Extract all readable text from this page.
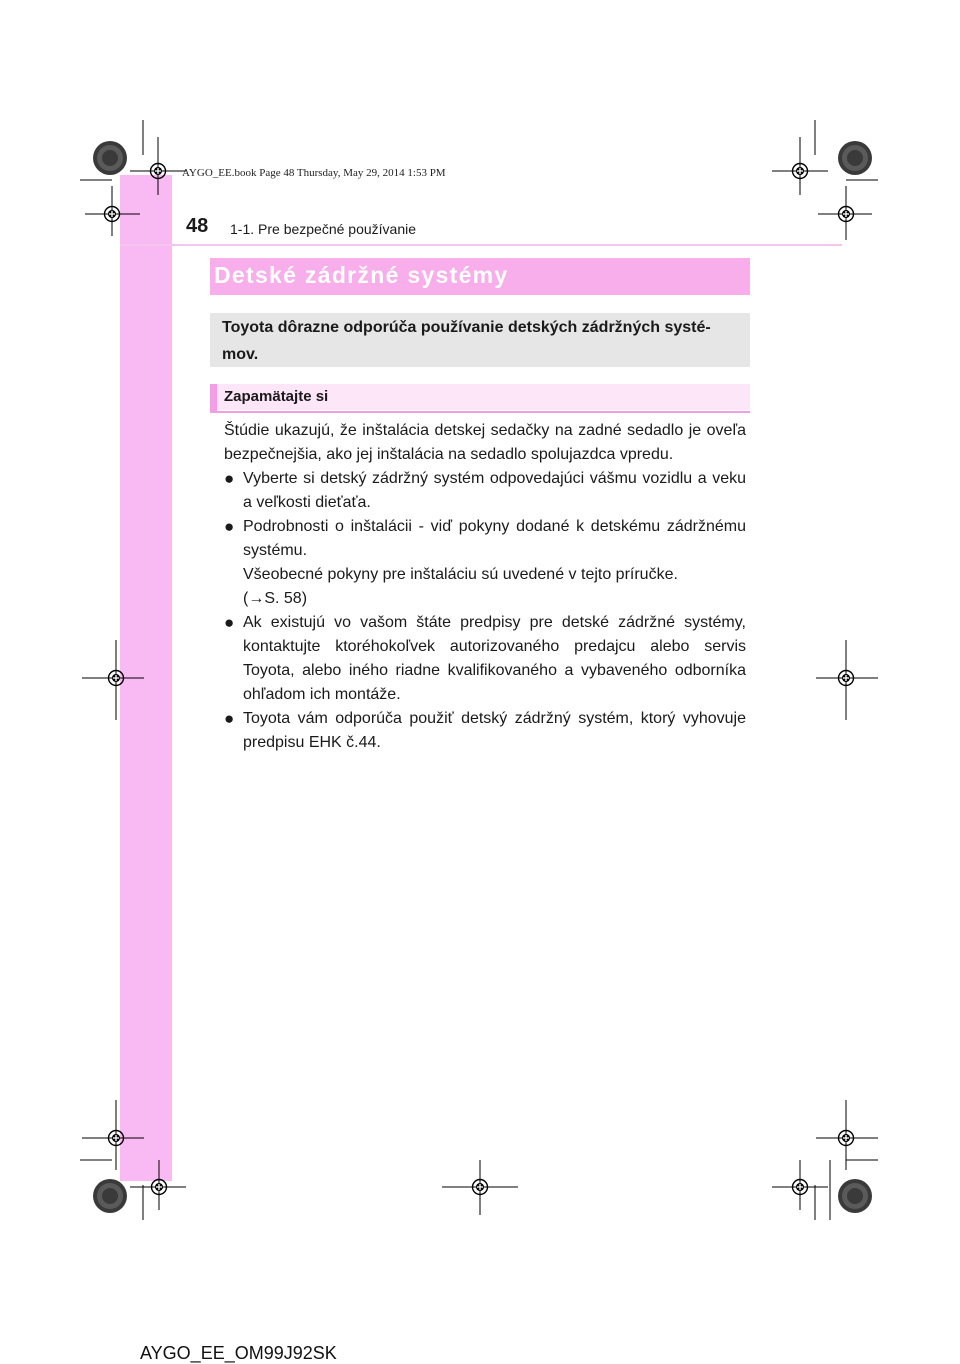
AYGO_EE.book Page 48 Thursday, May 29, 2014 1:53 PM
48 1-1. Pre bezpečné používanie
Detské zádržné systémy
Toyota dôrazne odporúča používanie detských zádržných systémov.
Zapamätajte si

Štúdie ukazujú, že inštalácia detskej sedačky na zadné sedadlo je oveľa bezpečnejšia, ako jej inštalácia na sedadlo spolujazdca vpredu.

● Vyberte si detský zádržný systém odpovedajúci vášmu vozidlu a veku a veľkosti dieťaťa.
● Podrobnosti o inštalácii - viď pokyny dodané k detskému zádržnému systému.
Všeobecné pokyny pre inštaláciu sú uvedené v tejto príručke.
(→S. 58)
● Ak existujú vo vašom štáte predpisy pre detské zádržné systémy, kontaktujte ktoréhokoľvek autorizovaného predajcu alebo servis Toyota, alebo iného riadne kvalifikovaného a vybaveného odborníka ohľadom ich montáže.
● Toyota vám odporúča použiť detský zádržný systém, ktorý vyhovuje predpisu EHK č.44.
AYGO_EE_OM99J92SK
